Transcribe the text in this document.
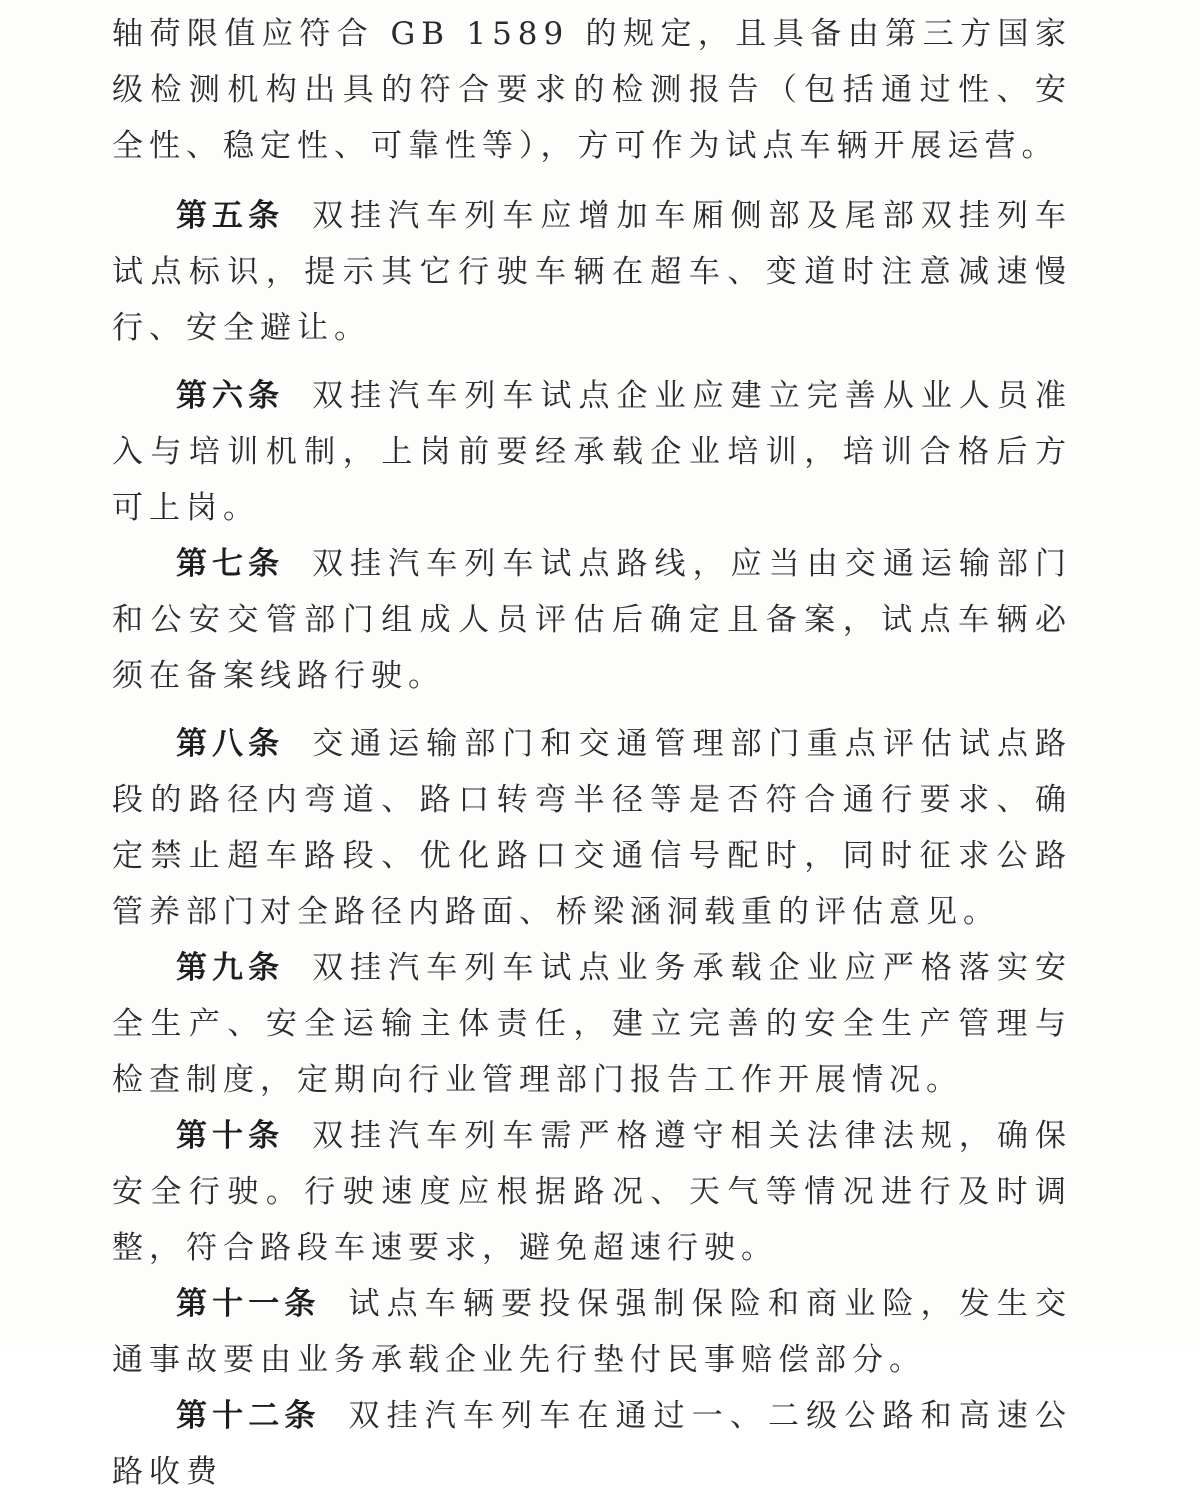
轴荷限值应符合 GB 1589 的规定，且具备由第三方国家级检测机构出具的符合要求的检测报告（包括通过性、安全性、稳定性、可靠性等），方可作为试点车辆开展运营。

第五条 双挂汽车列车应增加车厢侧部及尾部双挂列车试点标识，提示其它行驶车辆在超车、变道时注意减速慢行、安全避让。

第六条 双挂汽车列车试点企业应建立完善从业人员准入与培训机制，上岗前要经承载企业培训，培训合格后方可上岗。

第七条 双挂汽车列车试点路线，应当由交通运输部门和公安交管部门组成人员评估后确定且备案，试点车辆必须在备案线路行驶。

第八条 交通运输部门和交通管理部门重点评估试点路段的路径内弯道、路口转弯半径等是否符合通行要求、确定禁止超车路段、优化路口交通信号配时，同时征求公路管养部门对全路径内路面、桥梁涵洞载重的评估意见。

第九条 双挂汽车列车试点业务承载企业应严格落实安全生产、安全运输主体责任，建立完善的安全生产管理与检查制度，定期向行业管理部门报告工作开展情况。

第十条 双挂汽车列车需严格遵守相关法律法规，确保安全行驶。行驶速度应根据路况、天气等情况进行及时调整，符合路段车速要求，避免超速行驶。

第十一条 试点车辆要投保强制保险和商业险，发生交通事故要由业务承载企业先行垫付民事赔偿部分。

第十二条 双挂汽车列车在通过一、二级公路和高速公路收费
